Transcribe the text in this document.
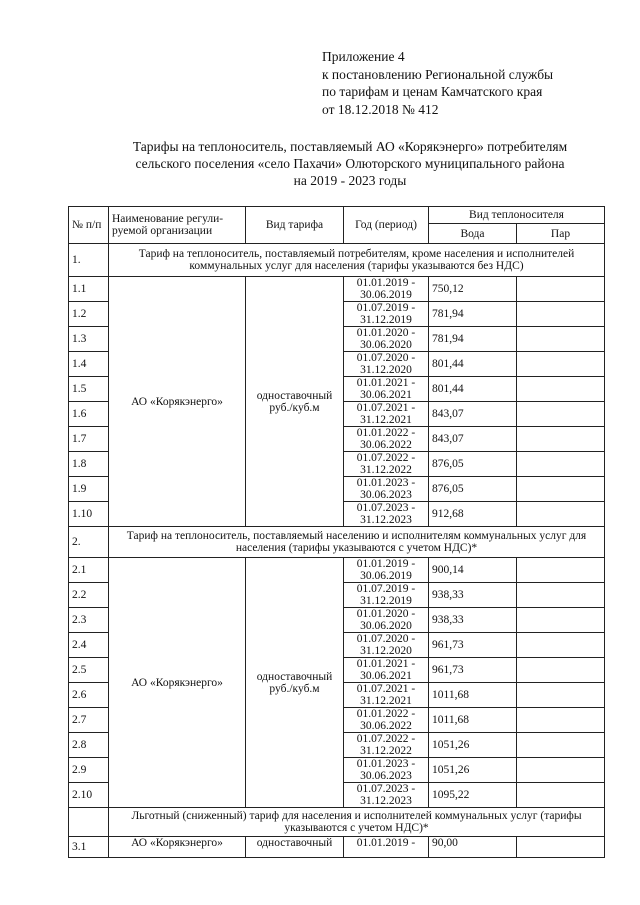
Приложение 4
к постановлению Региональной службы
по тарифам и ценам Камчатского края
от 18.12.2018 № 412
Тарифы на теплоноситель, поставляемый АО «Корякэнерго» потребителям
сельского поселения «село Пахачи» Олюторского муниципального района
на 2019 - 2023 годы
№ п/п	Наименование регули-руемой организации	Вид тарифа	Год (период)	Вид теплоносителя	
				Вода	Пар
1.	Тариф на теплоноситель, поставляемый потребителям, кроме населения и исполнителей коммунальных услуг для населения (тарифы указываются без НДС)				
1.1	АО «Корякэнерго»	одноставочный руб./куб.м	01.01.2019 - 30.06.2019	750,12	
1.2			01.07.2019 - 31.12.2019	781,94	
1.3			01.01.2020 - 30.06.2020	781,94	
1.4			01.07.2020 - 31.12.2020	801,44	
1.5			01.01.2021 - 30.06.2021	801,44	
1.6			01.07.2021 - 31.12.2021	843,07	
1.7			01.01.2022 - 30.06.2022	843,07	
1.8			01.07.2022 - 31.12.2022	876,05	
1.9			01.01.2023 - 30.06.2023	876,05	
1.10			01.07.2023 - 31.12.2023	912,68	
2.	Тариф на теплоноситель, поставляемый населению и исполнителям коммунальных услуг для населения (тарифы указываются с учетом НДС)*				
2.1	АО «Корякэнерго»	одноставочный руб./куб.м	01.01.2019 - 30.06.2019	900,14	
2.2			01.07.2019 - 31.12.2019	938,33	
2.3			01.01.2020 - 30.06.2020	938,33	
2.4			01.07.2020 - 31.12.2020	961,73	
2.5			01.01.2021 - 30.06.2021	961,73	
2.6			01.07.2021 - 31.12.2021	1011,68	
2.7			01.01.2022 - 30.06.2022	1011,68	
2.8			01.07.2022 - 31.12.2022	1051,26	
2.9			01.01.2023 - 30.06.2023	1051,26	
2.10			01.07.2023 - 31.12.2023	1095,22	
	Льготный (сниженный) тариф для населения и исполнителей коммунальных услуг (тарифы указываются с учетом НДС)*				
3.1	АО «Корякэнерго»	одноставочный	01.01.2019 -	90,00	
